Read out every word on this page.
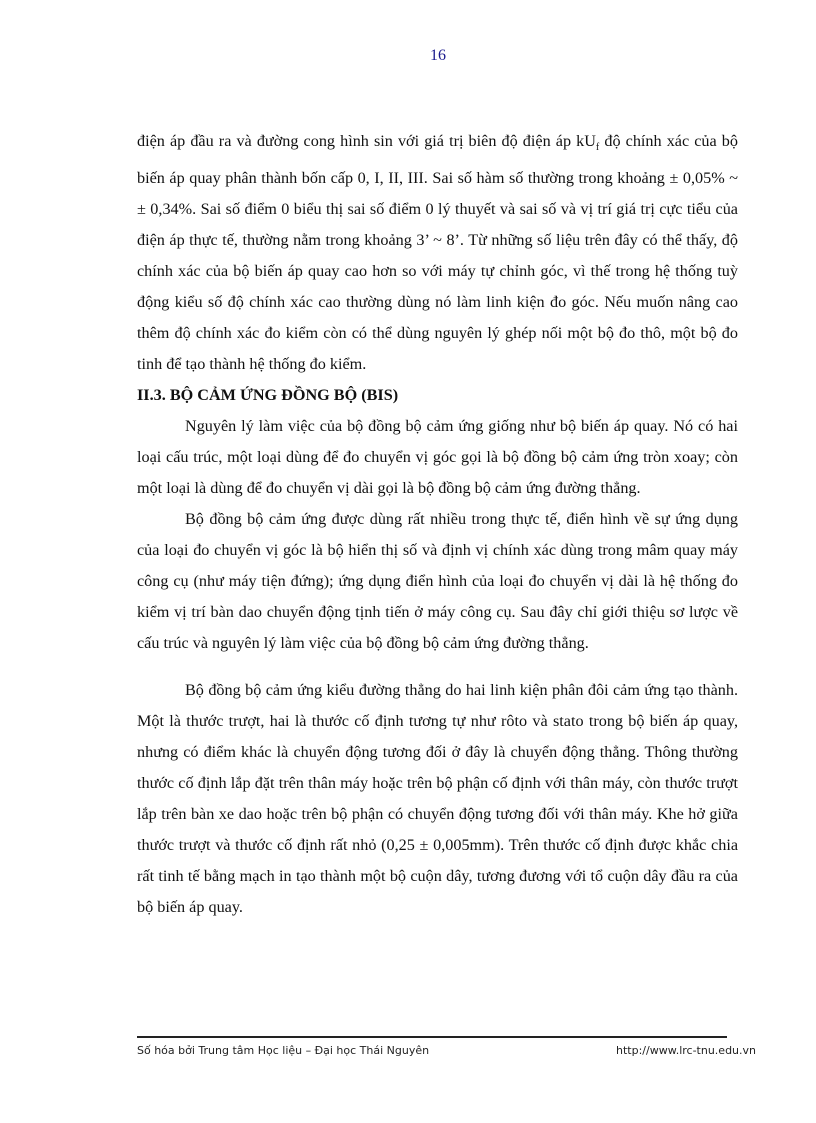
16

điện áp đầu ra và đường cong hình sin với giá trị biên độ điện áp $kU_f$ độ chính xác của bộ biến áp quay phân thành bốn cấp 0, I, II, III. Sai số hàm số thường trong khoảng ± 0,05% ~ ± 0,34%. Sai số điểm 0 biểu thị sai số điểm 0 lý thuyết và sai số và vị trí giá trị cực tiểu của điện áp thực tế, thường nằm trong khoảng 3’ ~ 8’. Từ những số liệu trên đây có thể thấy, độ chính xác của bộ biến áp quay cao hơn so với máy tự chỉnh góc, vì thế trong hệ thống tuỳ động kiểu số độ chính xác cao thường dùng nó làm linh kiện đo góc. Nếu muốn nâng cao thêm độ chính xác đo kiểm còn có thể dùng nguyên lý ghép nối một bộ đo thô, một bộ đo tinh để tạo thành hệ thống đo kiểm.

II.3. BỘ CẢM ỨNG ĐỒNG BỘ (BIS)

Nguyên lý làm việc của bộ đồng bộ cảm ứng giống như bộ biến áp quay. Nó có hai loại cấu trúc, một loại dùng để đo chuyển vị góc gọi là bộ đồng bộ cảm ứng tròn xoay; còn một loại là dùng để đo chuyển vị dài gọi là bộ đồng bộ cảm ứng đường thẳng.

Bộ đồng bộ cảm ứng được dùng rất nhiều trong thực tế, điển hình về sự ứng dụng của loại đo chuyển vị góc là bộ hiển thị số và định vị chính xác dùng trong mâm quay máy công cụ (như máy tiện đứng); ứng dụng điển hình của loại đo chuyển vị dài là hệ thống đo kiểm vị trí bàn dao chuyển động tịnh tiến ở máy công cụ. Sau đây chỉ giới thiệu sơ lược về cấu trúc và nguyên lý làm việc của bộ đồng bộ cảm ứng đường thẳng.

Bộ đồng bộ cảm ứng kiểu đường thẳng do hai linh kiện phân đôi cảm ứng tạo thành. Một là thước trượt, hai là thước cố định tương tự như rôto và stato trong bộ biến áp quay, nhưng có điểm khác là chuyển động tương đối ở đây là chuyển động thẳng. Thông thường thước cố định lắp đặt trên thân máy hoặc trên bộ phận cố định với thân máy, còn thước trượt lắp trên bàn xe dao hoặc trên bộ phận có chuyển động tương đối với thân máy. Khe hở giữa thước trượt và thước cố định rất nhỏ (0,25 ± 0,005mm). Trên thước cố định được khắc chia rất tinh tế bằng mạch in tạo thành một bộ cuộn dây, tương đương với tổ cuộn dây đầu ra của bộ biến áp quay.

Số hóa bởi Trung tâm Học liệu – Đại học Thái Nguyên	http://www.lrc-tnu.edu.vn
